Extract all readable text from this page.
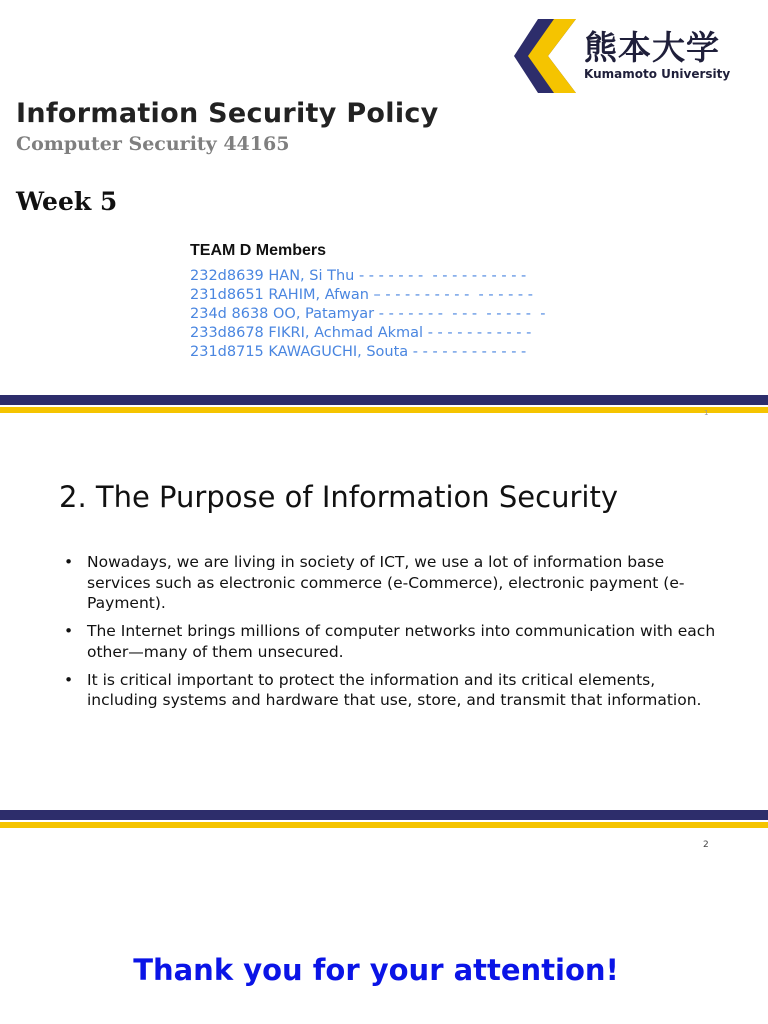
熊本大学
Kumamoto University
Information Security Policy
Computer Security 44165
Week 5
TEAM D Members
232d8639 HAN, Si Thu - - - - - - -  - - - - - - - - - -
231d8651 RAHIM, Afwan – - - - - - - - - -  - - - - - -
234d 8638 OO, Patamyar - - - - - - -  - - -  - - - - -  -
233d8678 FIKRI, Achmad Akmal - - - - - - - - - - -
231d8715 KAWAGUCHI, Souta - - - - - - - - - - - -
1
2. The Purpose of Information Security
• Nowadays, we are living in society of ICT, we use a lot of information base services such as electronic commerce (e-Commerce), electronic payment (e-Payment).
• The Internet brings millions of computer networks into communication with each other—many of them unsecured.
• It is critical important to protect the information and its critical elements, including systems and hardware that use, store, and transmit that information.
2
Thank you for your attention!
